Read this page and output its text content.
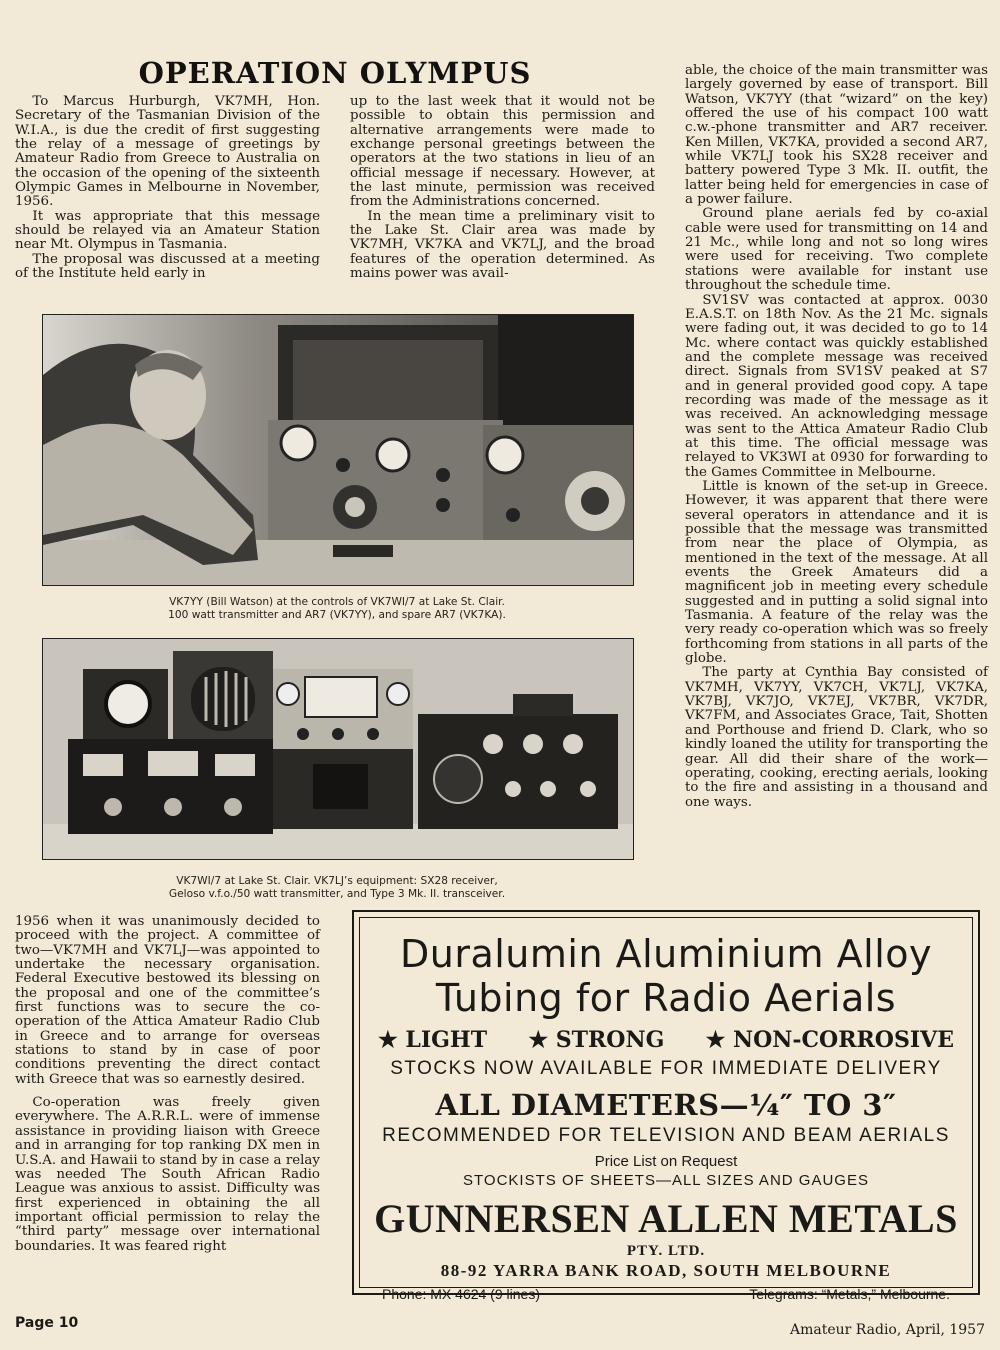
OPERATION OLYMPUS

To Marcus Hurburgh, VK7MH, Hon. Secretary of the Tasmanian Division of the W.I.A., is due the credit of first suggesting the relay of a message of greetings by Amateur Radio from Greece to Australia on the occasion of the opening of the sixteenth Olympic Games in Melbourne in November, 1956.

It was appropriate that this message should be relayed via an Amateur Station near Mt. Olympus in Tasmania.

The proposal was discussed at a meeting of the Institute held early in

up to the last week that it would not be possible to obtain this permission and alternative arrangements were made to exchange personal greetings between the operators at the two stations in lieu of an official message if necessary. However, at the last minute, permission was received from the Administrations concerned.

In the mean time a preliminary visit to the Lake St. Clair area was made by VK7MH, VK7KA and VK7LJ, and the broad features of the operation determined. As mains power was avail-

able, the choice of the main transmitter was largely governed by ease of transport. Bill Watson, VK7YY (that “wizard” on the key) offered the use of his compact 100 watt c.w.-phone transmitter and AR7 receiver. Ken Millen, VK7KA, provided a second AR7, while VK7LJ took his SX28 receiver and battery powered Type 3 Mk. II. outfit, the latter being held for emergencies in case of a power failure.

Ground plane aerials fed by co-axial cable were used for transmitting on 14 and 21 Mc., while long and not so long wires were used for receiving. Two complete stations were available for instant use throughout the schedule time.

SV1SV was contacted at approx. 0030 E.A.S.T. on 18th Nov. As the 21 Mc. signals were fading out, it was decided to go to 14 Mc. where contact was quickly established and the complete message was received direct. Signals from SV1SV peaked at S7 and in general provided good copy. A tape recording was made of the message as it was received. An acknowledging message was sent to the Attica Amateur Radio Club at this time. The official message was relayed to VK3WI at 0930 for forwarding to the Games Committee in Melbourne.

Little is known of the set-up in Greece. However, it was apparent that there were several operators in attendance and it is possible that the message was transmitted from near the place of Olympia, as mentioned in the text of the message. At all events the Greek Amateurs did a magnificent job in meeting every schedule suggested and in putting a solid signal into Tasmania. A feature of the relay was the very ready co-operation which was so freely forthcoming from stations in all parts of the globe.

The party at Cynthia Bay consisted of VK7MH, VK7YY, VK7CH, VK7LJ, VK7KA, VK7BJ, VK7JO, VK7EJ, VK7BR, VK7DR, VK7FM, and Associates Grace, Tait, Shotten and Porthouse and friend D. Clark, who so kindly loaned the utility for transporting the gear. All did their share of the work—operating, cooking, erecting aerials, looking to the fire and assisting in a thousand and one ways.

VK7YY (Bill Watson) at the controls of VK7WI/7 at Lake St. Clair.
100 watt transmitter and AR7 (VK7YY), and spare AR7 (VK7KA).
VK7WI/7 at Lake St. Clair. VK7LJ’s equipment: SX28 receiver,
Geloso v.f.o./50 watt transmitter, and Type 3 Mk. II. transceiver.

1956 when it was unanimously decided to proceed with the project. A committee of two—VK7MH and VK7LJ—was appointed to undertake the necessary organisation. Federal Executive bestowed its blessing on the proposal and one of the committee’s first functions was to secure the co-operation of the Attica Amateur Radio Club in Greece and to arrange for overseas stations to stand by in case of poor conditions preventing the direct contact with Greece that was so earnestly desired.

Co-operation was freely given everywhere. The A.R.R.L. were of immense assistance in providing liaison with Greece and in arranging for top ranking DX men in U.S.A. and Hawaii to stand by in case a relay was needed The South African Radio League was anxious to assist. Difficulty was first experienced in obtaining the all important official permission to relay the “third party” message over international boundaries. It was feared right

Duralumin Aluminium Alloy
Tubing for Radio Aerials
★ LIGHT ★ STRONG ★ NON-CORROSIVE
STOCKS NOW AVAILABLE FOR IMMEDIATE DELIVERY
ALL DIAMETERS—¼″ TO 3″
RECOMMENDED FOR TELEVISION AND BEAM AERIALS
Price List on Request
STOCKISTS OF SHEETS—ALL SIZES AND GAUGES
GUNNERSEN ALLEN METALS
PTY. LTD.
88-92 YARRA BANK ROAD, SOUTH MELBOURNE
Phone: MX 4624 (9 lines)	Telegrams: “Metals,” Melbourne.
Page 10	Amateur Radio, April, 1957
